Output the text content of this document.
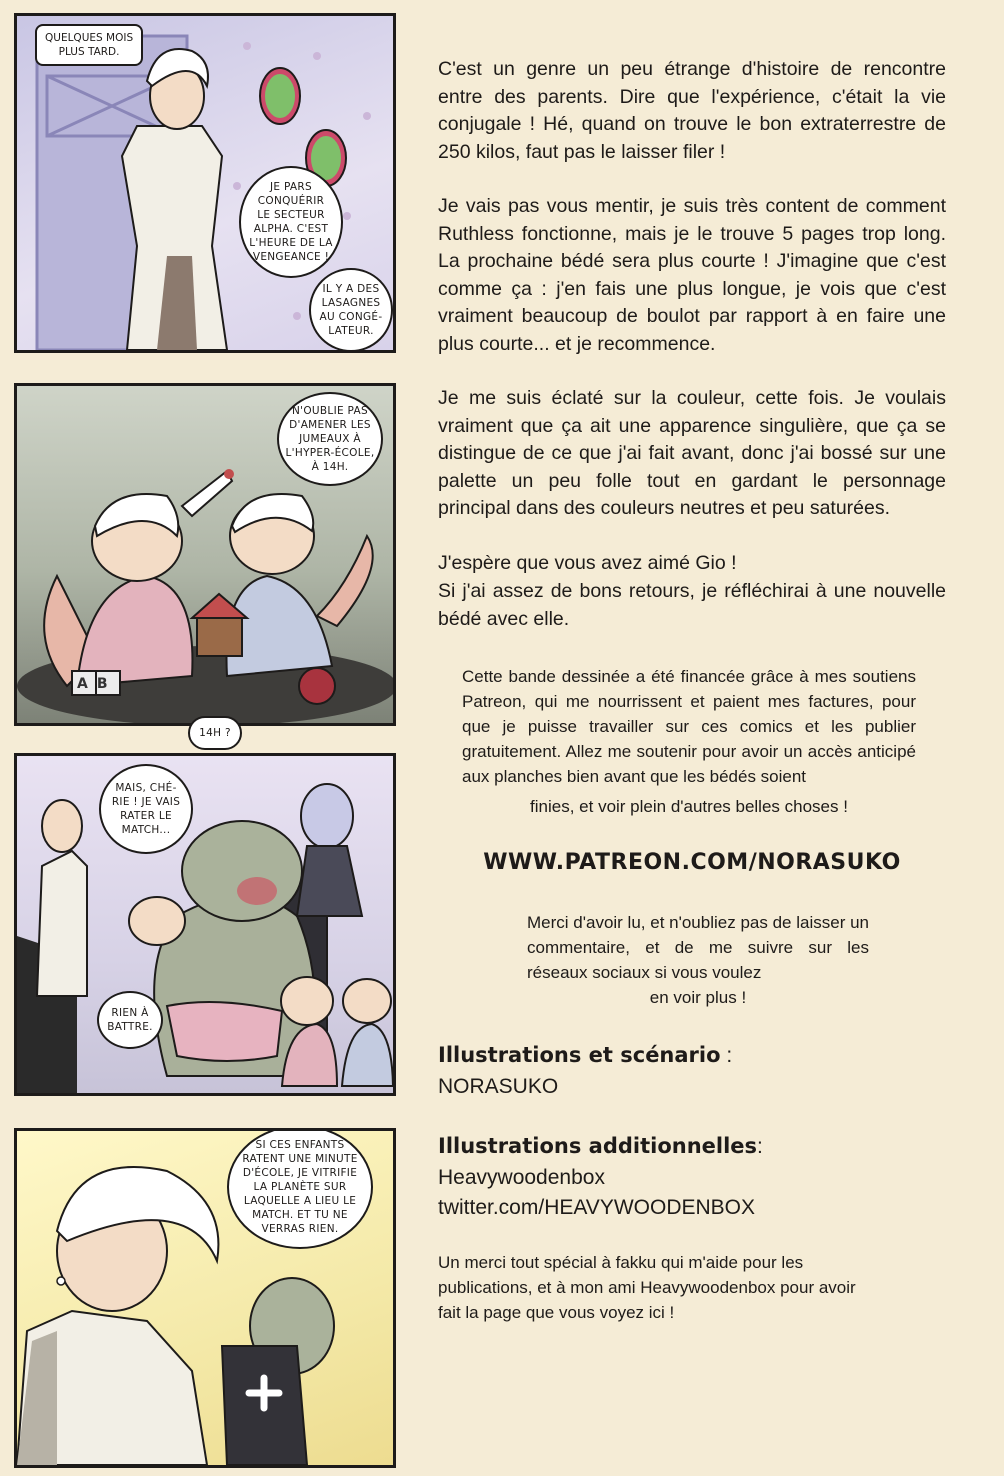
QUELQUES MOIS
PLUS TARD.
JE PARS
CONQUÉRIR
LE SECTEUR
ALPHA. C'EST
L'HEURE DE LA
VENGEANCE !
IL Y A DES
LASAGNES
AU CONGÉ-
LATEUR.
AB
N'OUBLIE PAS
D'AMENER LES
JUMEAUX À
L'HYPER-ÉCOLE,
À 14H.
14H ?
MAIS, CHÉ-
RIE ! JE VAIS
RATER LE
MATCH...
RIEN À
BATTRE.
SI CES ENFANTS
RATENT UNE MINUTE
D'ÉCOLE, JE VITRIFIE
LA PLANÈTE SUR
LAQUELLE A LIEU LE
MATCH. ET TU NE
VERRAS RIEN.

C'est un genre un peu étrange d'histoire de rencontre entre des parents. Dire que l'expérience, c'était la vie conjugale ! Hé, quand on trouve le bon extraterrestre de 250 kilos, faut pas le laisser filer !

Je vais pas vous mentir, je suis très content de comment Ruthless fonctionne, mais je le trouve 5 pages trop long. La prochaine bédé sera plus courte ! J'imagine que c'est comme ça : j'en fais une plus longue, je vois que c'est vraiment beaucoup de boulot par rapport à en faire une plus courte... et je recommence.

Je me suis éclaté sur la couleur, cette fois. Je voulais vraiment que ça ait une apparence singulière, que ça se distingue de ce que j'ai fait avant, donc j'ai bossé sur une palette un peu folle tout en gardant le personnage principal dans des couleurs neutres et peu saturées.

J'espère que vous avez aimé Gio !

Si j'ai assez de bons retours, je réfléchirai à une nouvelle bédé avec elle.

Cette bande dessinée a été financée grâce à mes soutiens Patreon, qui me nourrissent et paient mes factures, pour que je puisse travailler sur ces comics et les publier gratuitement. Allez me soutenir pour avoir un accès anticipé aux planches bien avant que les bédés soient

finies, et voir plein d'autres belles choses !

WWW.PATREON.COM/NORASUKO

Merci d'avoir lu, et n'oubliez pas de laisser un commentaire, et de me suivre sur les réseaux sociaux si vous voulez

en voir plus !

Illustrations et scénario :
NORASUKO
Illustrations additionnelles:
Heavywoodenbox
twitter.com/HEAVYWOODENBOX

Un merci tout spécial à fakku qui m'aide pour les publications, et à mon ami Heavywoodenbox pour avoir fait la page que vous voyez ici !
